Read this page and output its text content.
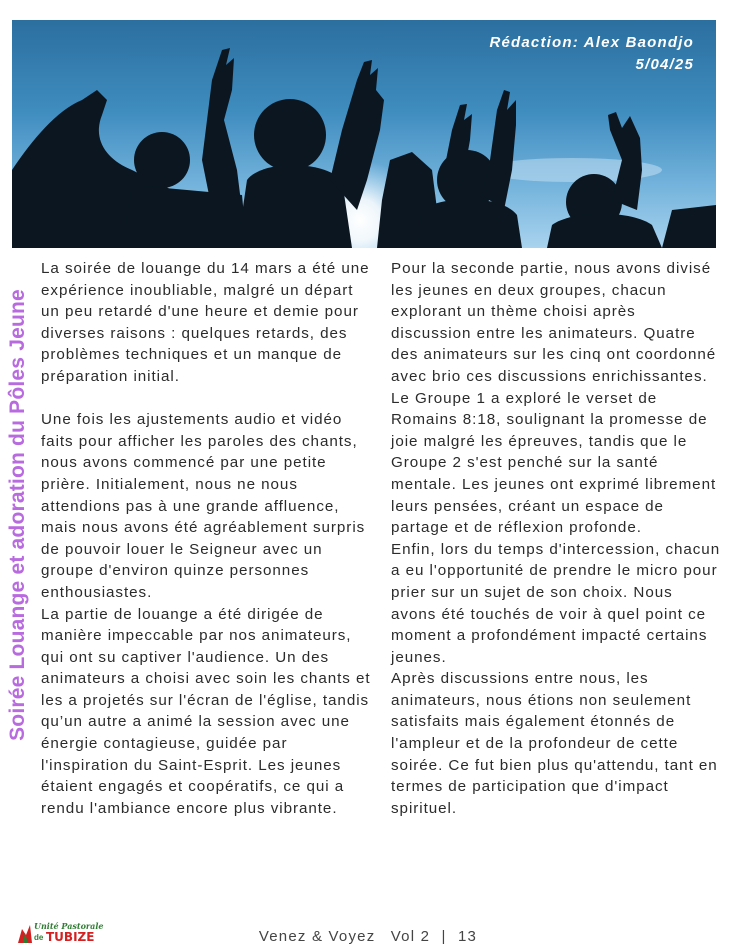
Rédaction: Alex Baondjo
5/04/25
Soirée Louange et adoration du Pôles Jeune

La soirée de louange du 14 mars a été une expérience inoubliable, malgré un départ un peu retardé d'une heure et demie pour diverses raisons : quelques retards, des problèmes techniques et un manque de préparation initial.

Une fois les ajustements audio et vidéo faits pour afficher les paroles des chants, nous avons commencé par une petite prière. Initialement, nous ne nous attendions pas à une grande affluence, mais nous avons été agréablement surpris de pouvoir louer le Seigneur avec un groupe d'environ quinze personnes enthousiastes.

La partie de louange a été dirigée de manière impeccable par nos animateurs, qui ont su captiver l'audience. Un des animateurs a choisi avec soin les chants et les a projetés sur l'écran de l'église, tandis qu’un autre a animé la session avec une énergie contagieuse, guidée par l'inspiration du Saint-Esprit. Les jeunes étaient engagés et coopératifs, ce qui a rendu l'ambiance encore plus vibrante.

Pour la seconde partie, nous avons divisé les jeunes en deux groupes, chacun explorant un thème choisi après discussion entre les animateurs. Quatre des animateurs sur les cinq ont coordonné avec brio ces discussions enrichissantes. Le Groupe 1 a exploré le verset de Romains 8:18, soulignant la promesse de joie malgré les épreuves, tandis que le Groupe 2 s'est penché sur la santé mentale. Les jeunes ont exprimé librement leurs pensées, créant un espace de partage et de réflexion profonde.

Enfin, lors du temps d'intercession, chacun a eu l'opportunité de prendre le micro pour prier sur un sujet de son choix. Nous avons été touchés de voir à quel point ce moment a profondément impacté certains jeunes.

Après discussions entre nous, les animateurs, nous étions non seulement satisfaits mais également étonnés de l'ampleur et de la profondeur de cette soirée. Ce fut bien plus qu'attendu, tant en termes de participation que d'impact spirituel.

Unité Pastorale
de TUBIZE	Venez & Voyez Vol 2 | 13
